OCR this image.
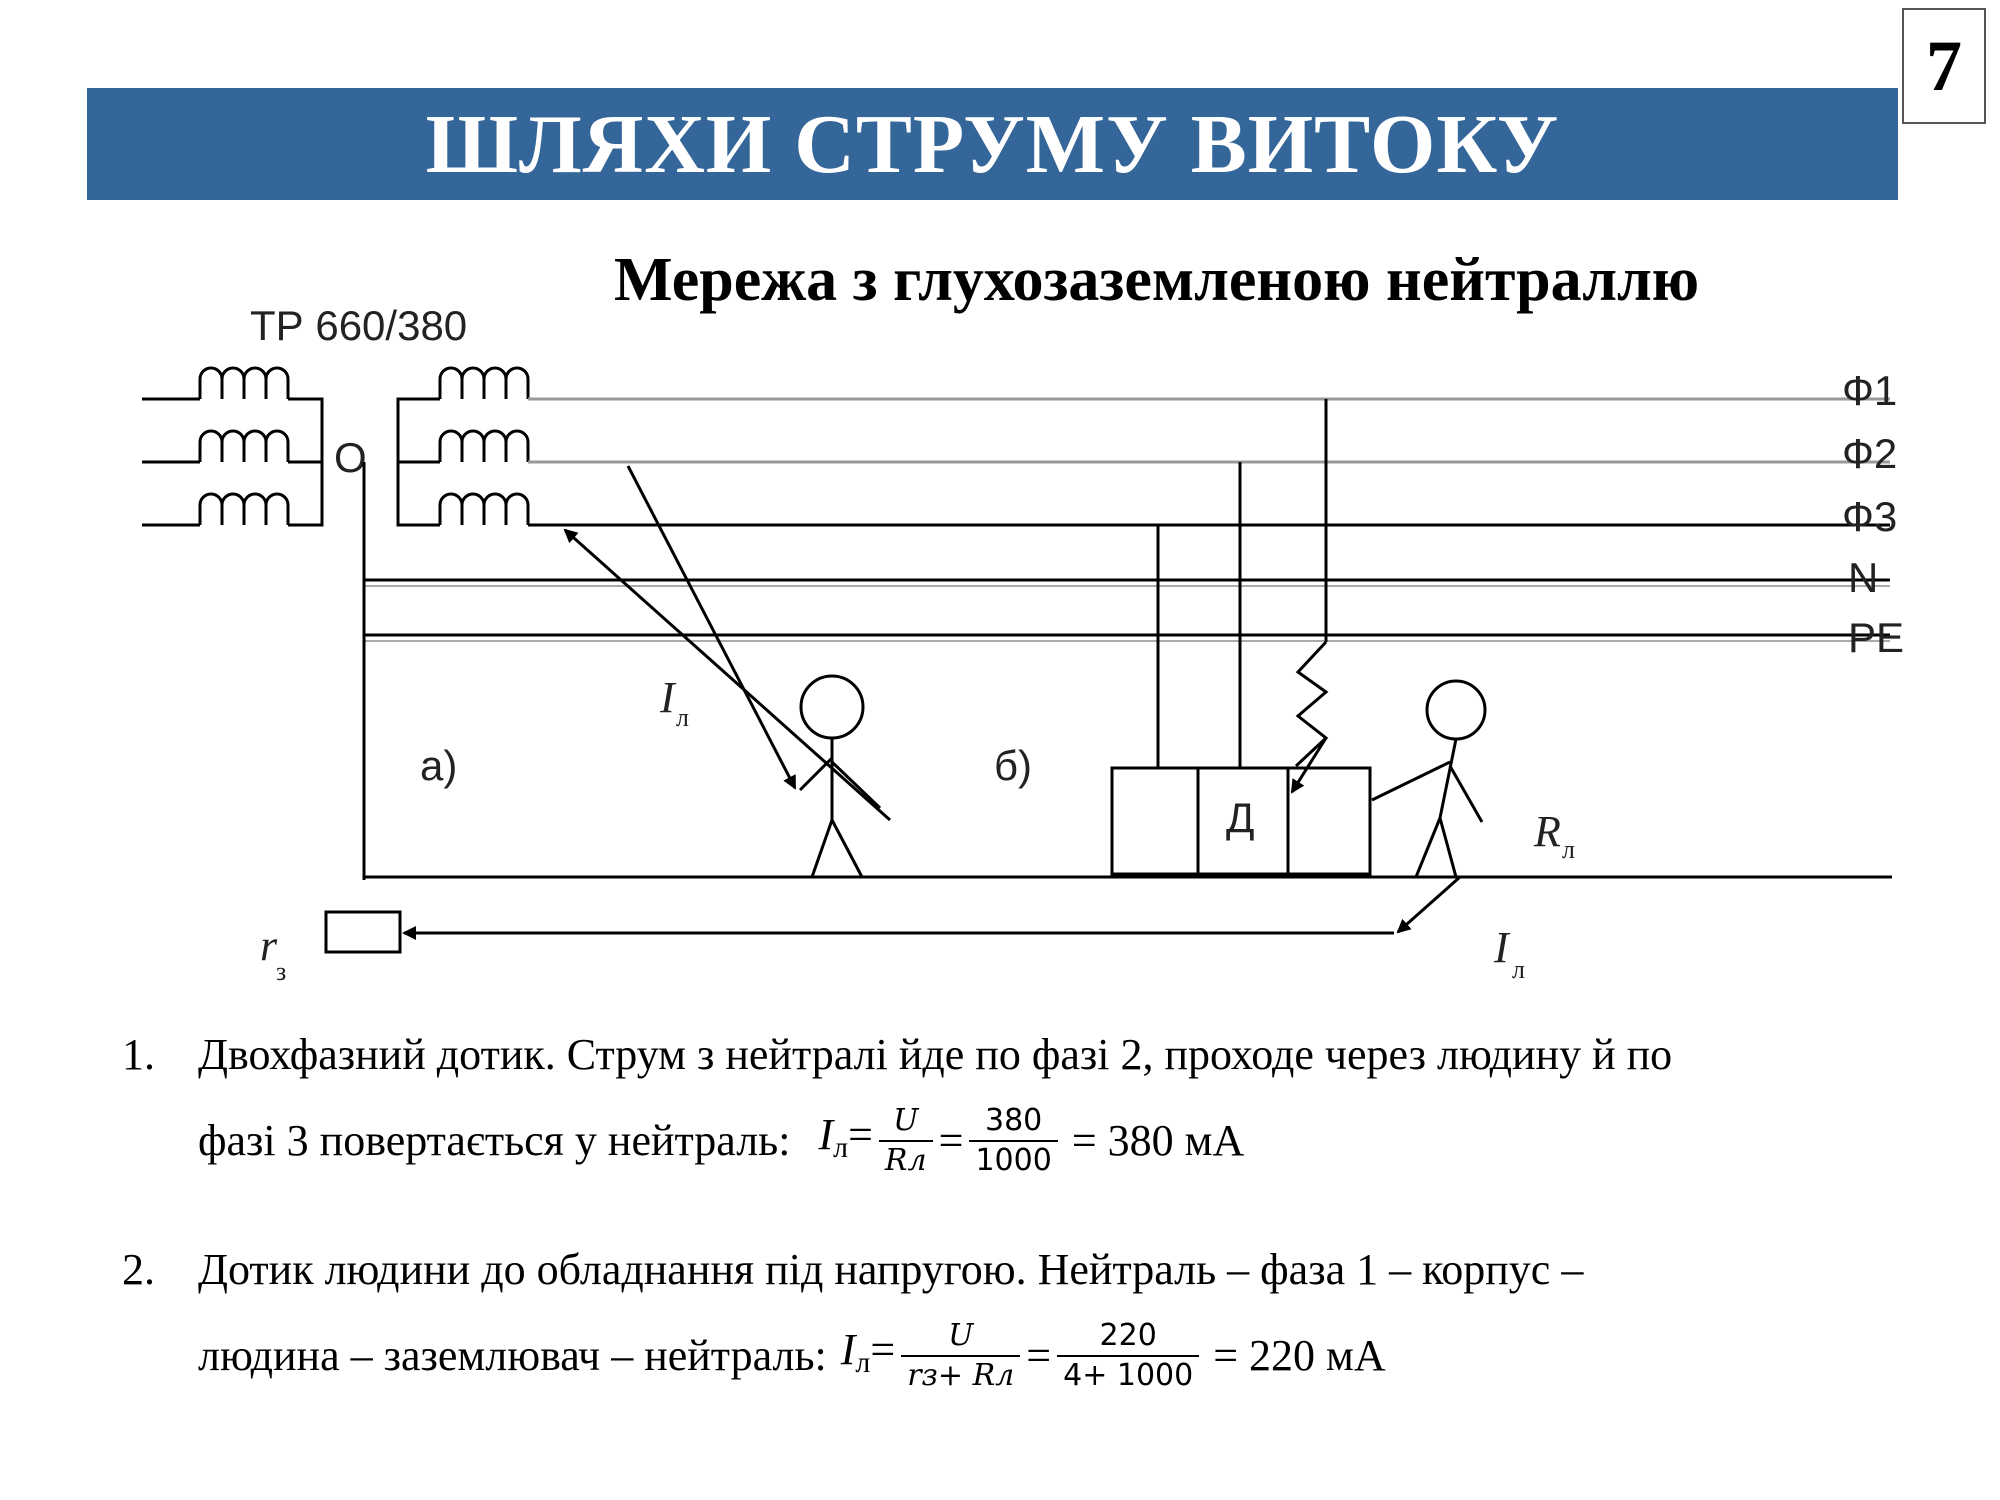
7
ШЛЯХИ СТРУМУ ВИТОКУ
Мережа з глухозаземленою нейтраллю
ТР 660/380
О
Ф1
Ф2
Ф3
N
PE
I л
а)	б)
Д	R л
I л
r
з
1. Двохфазний дотик. Струм з нейтралі йде по фазі 2, проходе через людину й по
фазі 3 повертається у нейтраль: $Iл= \frac{U}{Rл} = \frac{380}{1000} = 380$ мА
2. Дотик людини до обладнання під напругою. Нейтраль – фаза 1 – корпус –
людина – заземлювач – нейтраль: $Iл= \frac{U}{rз+ Rл} = \frac{220}{4+ 1000} = 220$ мА
